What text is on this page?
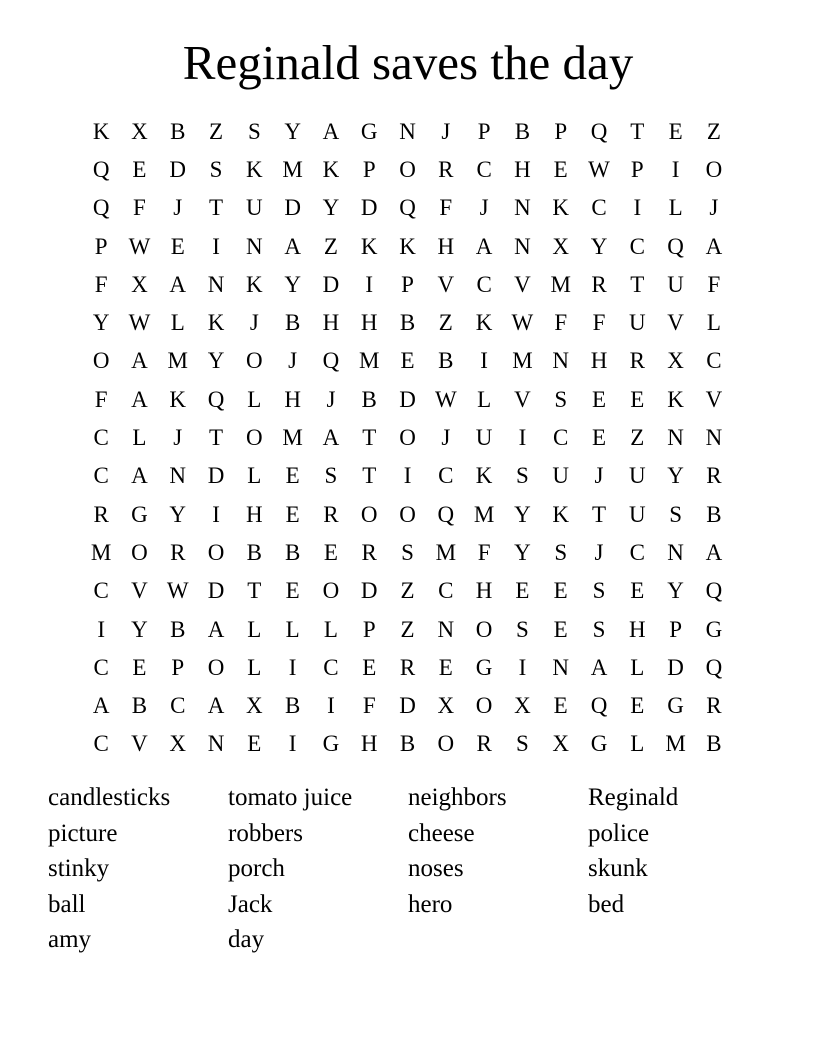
Reginald saves the day
K X B	Z	S	Y A G N	J	P	B	P	Q T	E	Z
Q E D	S	K M K	P	O R C H E W P	I	O
Q	F	J	T U D Y D Q	F	J	N K C	I	L	J
P W E	I	N A Z K K H A N X Y C Q A
F	X A N K Y D	I	P	V C V M R	T U	F
Y W L K	J	B H H B	Z K W F	F	U V L
O A M Y O	J	Q M E	B	I	M N H R X C
F	A K Q L H	J	B D W L V	S	E	E K V
C	L	J	T O M A T O	J	U	I	C	E	Z N N
C A N D L	E	S	T	I	C K	S	U	J	U Y R
R G Y	I	H E	R O O Q M Y K T U	S	B
M O R O B B	E	R	S M F	Y	S	J	C N A
C V W D T	E O D Z	C H E	E	S	E Y Q
I	Y B A L	L	L	P	Z N O	S	E	S	H	P	G
C	E	P	O L	I	C	E	R	E G	I	N A L D Q
A B C A X B	I	F	D X O X E Q E G R
C V X N E	I	G H B O R	S	X G L M B
candlesticks	tomato juice	neighbors	Reginald
picture	robbers	cheese	police
stinky	porch	noses	skunk
ball	Jack	hero	bed
amy	day
